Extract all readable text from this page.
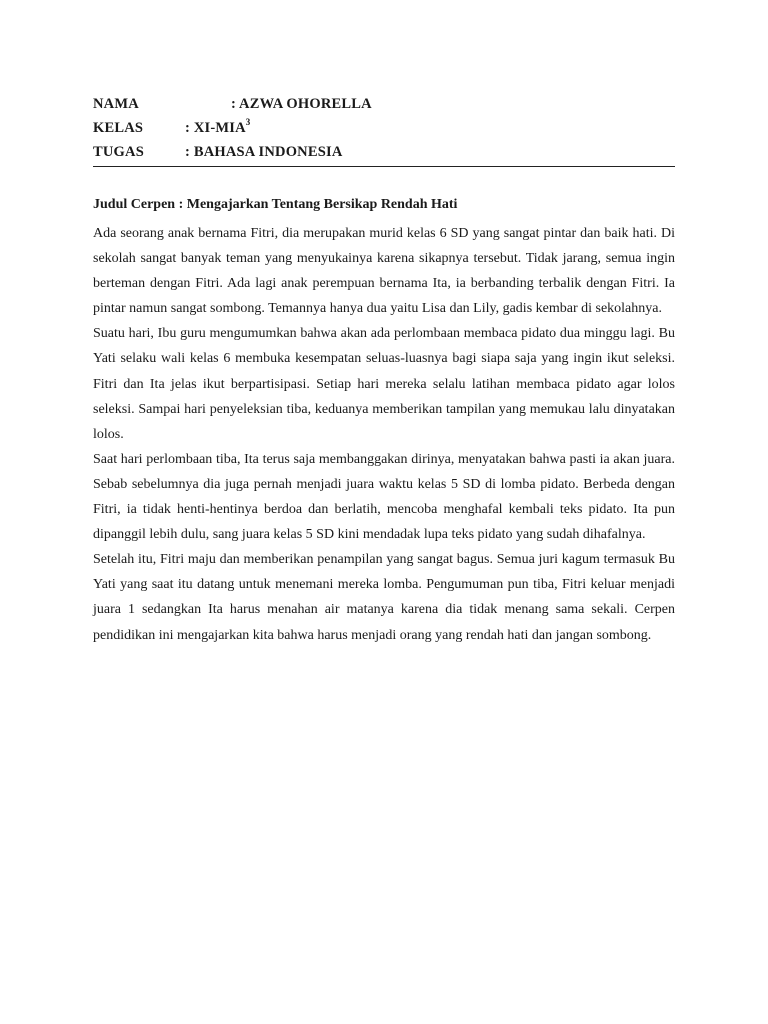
NAMA	: AZWA OHORELLA
KELAS	: XI-MIA$^3$
TUGAS	: BAHASA INDONESIA
Judul Cerpen : Mengajarkan Tentang Bersikap Rendah Hati

Ada seorang anak bernama Fitri, dia merupakan murid kelas 6 SD yang sangat pintar dan baik hati. Di sekolah sangat banyak teman yang menyukainya karena sikapnya tersebut. Tidak jarang, semua ingin berteman dengan Fitri. Ada lagi anak perempuan bernama Ita, ia berbanding terbalik dengan Fitri. Ia pintar namun sangat sombong. Temannya hanya dua yaitu Lisa dan Lily, gadis kembar di sekolahnya.

Suatu hari, Ibu guru mengumumkan bahwa akan ada perlombaan membaca pidato dua minggu lagi. Bu Yati selaku wali kelas 6 membuka kesempatan seluas-luasnya bagi siapa saja yang ingin ikut seleksi. Fitri dan Ita jelas ikut berpartisipasi. Setiap hari mereka selalu latihan membaca pidato agar lolos seleksi. Sampai hari penyeleksian tiba, keduanya memberikan tampilan yang memukau lalu dinyatakan lolos.

Saat hari perlombaan tiba, Ita terus saja membanggakan dirinya, menyatakan bahwa pasti ia akan juara. Sebab sebelumnya dia juga pernah menjadi juara waktu kelas 5 SD di lomba pidato. Berbeda dengan Fitri, ia tidak henti-hentinya berdoa dan berlatih, mencoba menghafal kembali teks pidato. Ita pun dipanggil lebih dulu, sang juara kelas 5 SD kini mendadak lupa teks pidato yang sudah dihafalnya.

Setelah itu, Fitri maju dan memberikan penampilan yang sangat bagus. Semua juri kagum termasuk Bu Yati yang saat itu datang untuk menemani mereka lomba. Pengumuman pun tiba, Fitri keluar menjadi juara 1 sedangkan Ita harus menahan air matanya karena dia tidak menang sama sekali. Cerpen pendidikan ini mengajarkan kita bahwa harus menjadi orang yang rendah hati dan jangan sombong.
